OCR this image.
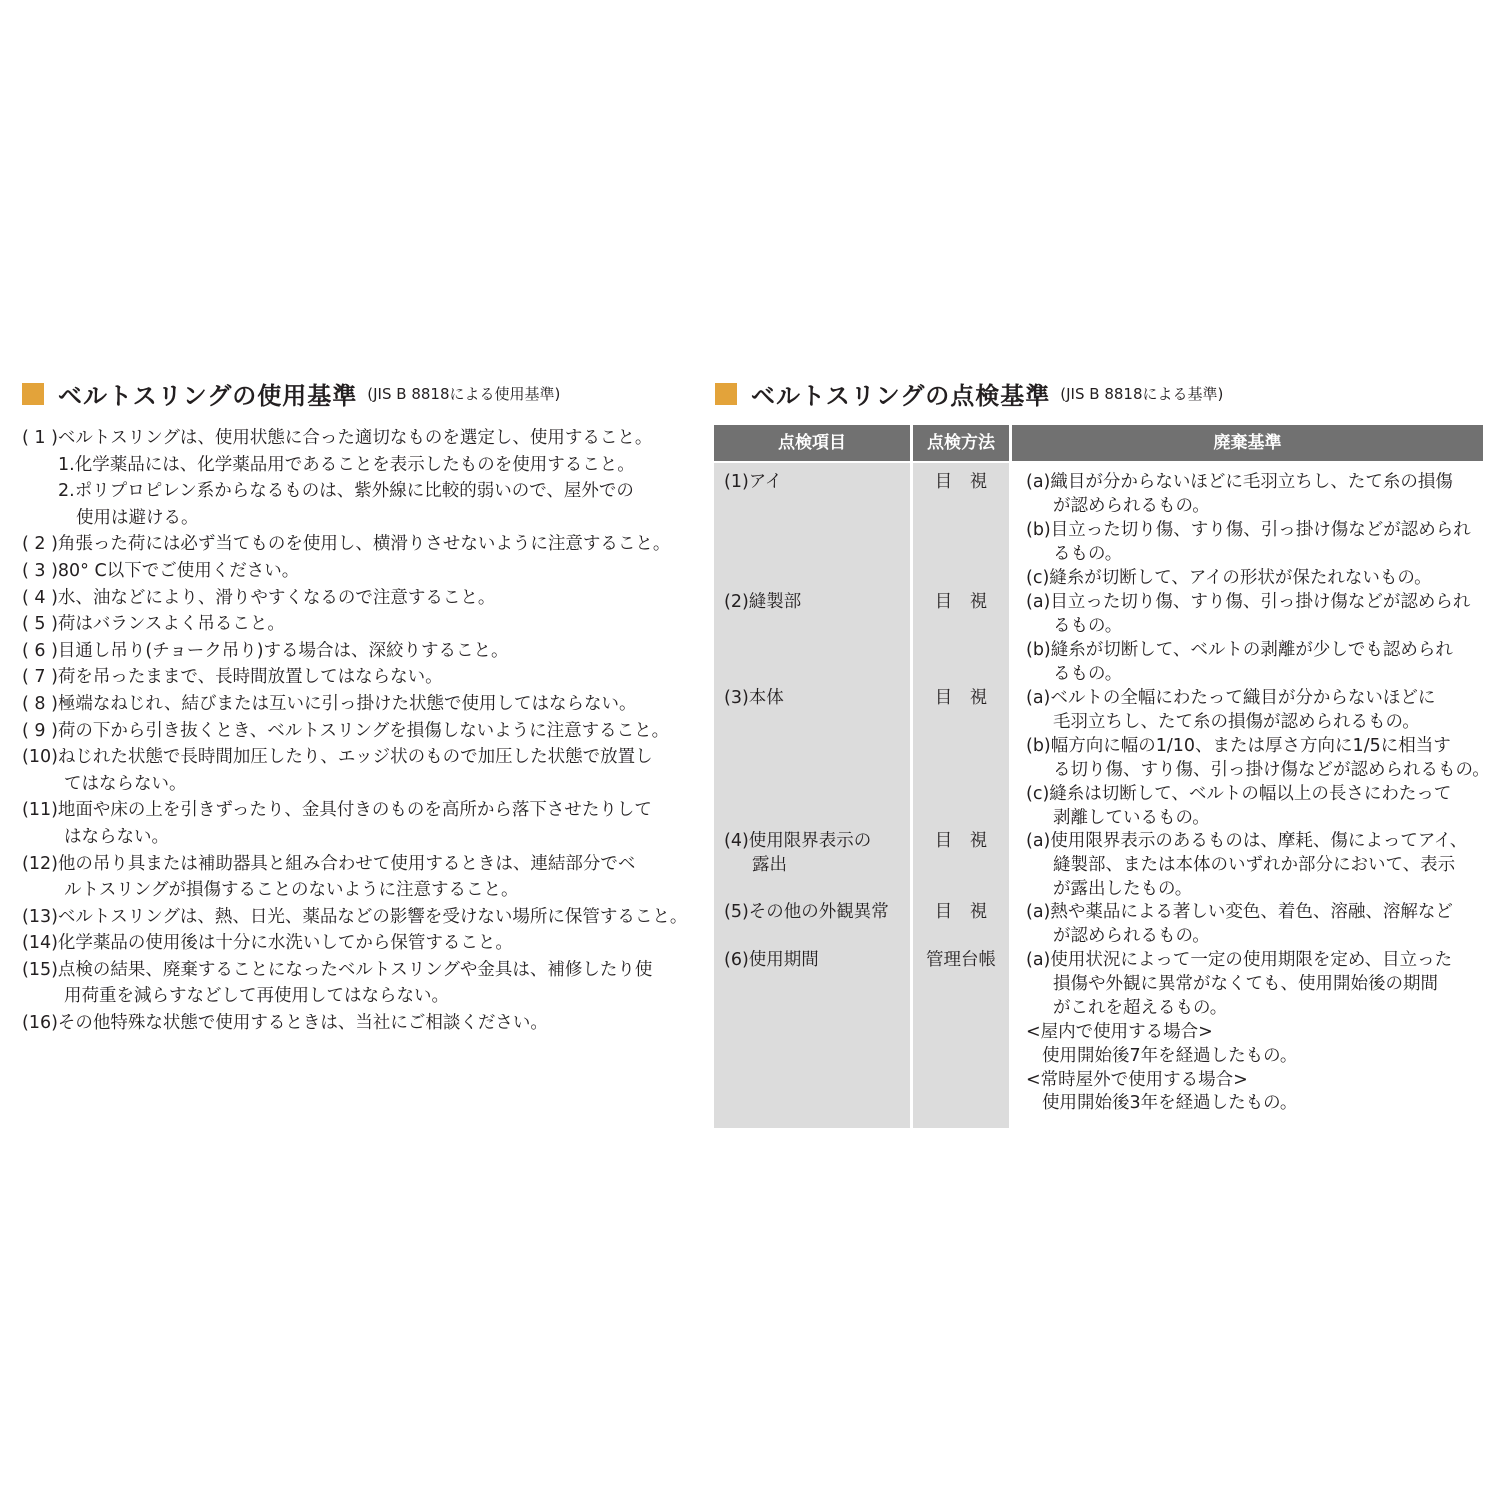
ベルトスリングの使用基準 (JIS B 8818による使用基準)
( 1 )ベルトスリングは、使用状態に合った適切なものを選定し、使用すること。
1.化学薬品には、化学薬品用であることを表示したものを使用すること。
2.ポリプロピレン系からなるものは、紫外線に比較的弱いので、屋外での
使用は避ける。
( 2 )角張った荷には必ず当てものを使用し、横滑りさせないように注意すること。
( 3 )80° C以下でご使用ください。
( 4 )水、油などにより、滑りやすくなるので注意すること。
( 5 )荷はバランスよく吊ること。
( 6 )目通し吊り(チョーク吊り)する場合は、深絞りすること。
( 7 )荷を吊ったままで、長時間放置してはならない。
( 8 )極端なねじれ、結びまたは互いに引っ掛けた状態で使用してはならない。
( 9 )荷の下から引き抜くとき、ベルトスリングを損傷しないように注意すること。
(10)ねじれた状態で長時間加圧したり、エッジ状のもので加圧した状態で放置し
てはならない。
(11)地面や床の上を引きずったり、金具付きのものを高所から落下させたりして
はならない。
(12)他の吊り具または補助器具と組み合わせて使用するときは、連結部分でベ
ルトスリングが損傷することのないように注意すること。
(13)ベルトスリングは、熱、日光、薬品などの影響を受けない場所に保管すること。
(14)化学薬品の使用後は十分に水洗いしてから保管すること。
(15)点検の結果、廃棄することになったベルトスリングや金具は、補修したり使
用荷重を減らすなどして再使用してはならない。
(16)その他特殊な状態で使用するときは、当社にご相談ください。
ベルトスリングの点検基準 (JIS B 8818による基準)
点検項目	点検方法	廃棄基準
(1)アイ	目　視	(a)織目が分からないほどに毛羽立ちし、たて糸の損傷
が認められるもの。
(b)目立った切り傷、すり傷、引っ掛け傷などが認められ
るもの。
(c)縫糸が切断して、アイの形状が保たれないもの。
(2)縫製部	目　視	(a)目立った切り傷、すり傷、引っ掛け傷などが認められ
るもの。
(b)縫糸が切断して、ベルトの剥離が少しでも認められ
るもの。
(3)本体	目　視	(a)ベルトの全幅にわたって織目が分からないほどに
毛羽立ちし、たて糸の損傷が認められるもの。
(b)幅方向に幅の1/10、または厚さ方向に1/5に相当す
る切り傷、すり傷、引っ掛け傷などが認められるもの。
(c)縫糸は切断して、ベルトの幅以上の長さにわたって
剥離しているもの。
(4)使用限界表示の
露出
目　視	(a)使用限界表示のあるものは、摩耗、傷によってアイ、
縫製部、または本体のいずれか部分において、表示
が露出したもの。
(5)その他の外観異常	目　視	(a)熱や薬品による著しい変色、着色、溶融、溶解など
が認められるもの。
(6)使用期間	管理台帳	(a)使用状況によって一定の使用期限を定め、目立った
損傷や外観に異常がなくても、使用開始後の期間
がこれを超えるもの。
<屋内で使用する場合>
使用開始後7年を経過したもの。
<常時屋外で使用する場合>
使用開始後3年を経過したもの。
